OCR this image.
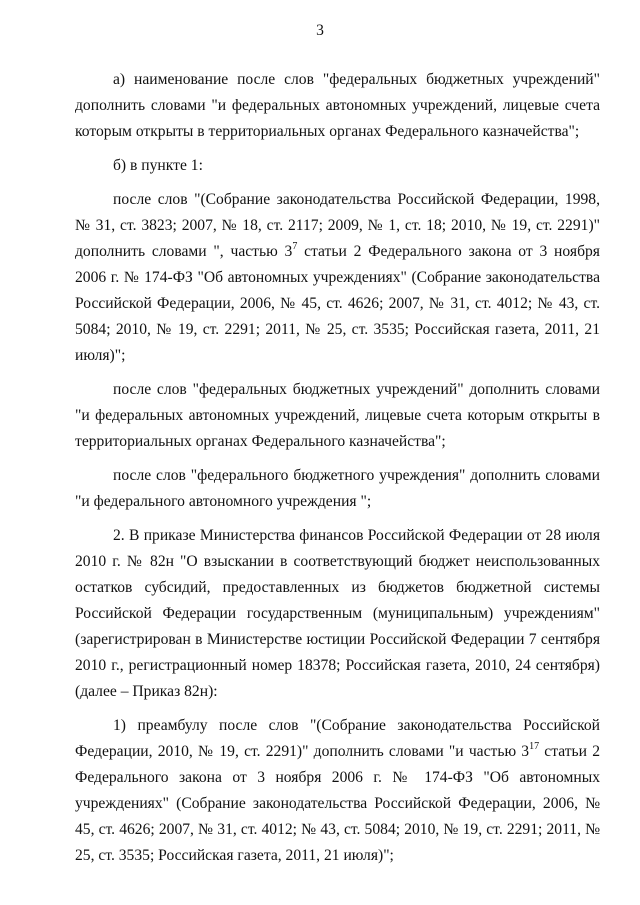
3

а) наименование после слов "федеральных бюджетных учреждений" дополнить словами "и федеральных автономных учреждений, лицевые счета которым открыты в территориальных органах Федерального казначейства";

б) в пункте 1:

после слов "(Собрание законодательства Российской Федерации, 1998, № 31, ст. 3823; 2007, № 18, ст. 2117; 2009, № 1, ст. 18; 2010, № 19, ст. 2291)" дополнить словами ", частью $3^7$ статьи 2 Федерального закона от 3 ноября 2006 г. № 174-ФЗ "Об автономных учреждениях" (Собрание законодательства Российской Федерации, 2006, № 45, ст. 4626; 2007, № 31, ст. 4012; № 43, ст. 5084; 2010, № 19, ст. 2291; 2011, № 25, ст. 3535; Российская газета, 2011, 21 июля)";

после слов "федеральных бюджетных учреждений" дополнить словами "и федеральных автономных учреждений, лицевые счета которым открыты в территориальных органах Федерального казначейства";

после слов "федерального бюджетного учреждения" дополнить словами "и федерального автономного учреждения ";

2. В приказе Министерства финансов Российской Федерации от 28 июля 2010 г. № 82н "О взыскании в соответствующий бюджет неиспользованных остатков субсидий, предоставленных из бюджетов бюджетной системы Российской Федерации государственным (муниципальным) учреждениям" (зарегистрирован в Министерстве юстиции Российской Федерации 7 сентября 2010 г., регистрационный номер 18378; Российская газета, 2010, 24 сентября) (далее – Приказ 82н):

1) преамбулу после слов "(Собрание законодательства Российской Федерации, 2010, № 19, ст. 2291)" дополнить словами "и частью $3^{17}$ статьи 2 Федерального закона от 3 ноября 2006 г. № 174-ФЗ "Об автономных учреждениях" (Собрание законодательства Российской Федерации, 2006, № 45, ст. 4626; 2007, № 31, ст. 4012; № 43, ст. 5084; 2010, № 19, ст. 2291; 2011, № 25, ст. 3535; Российская газета, 2011, 21 июля)";
